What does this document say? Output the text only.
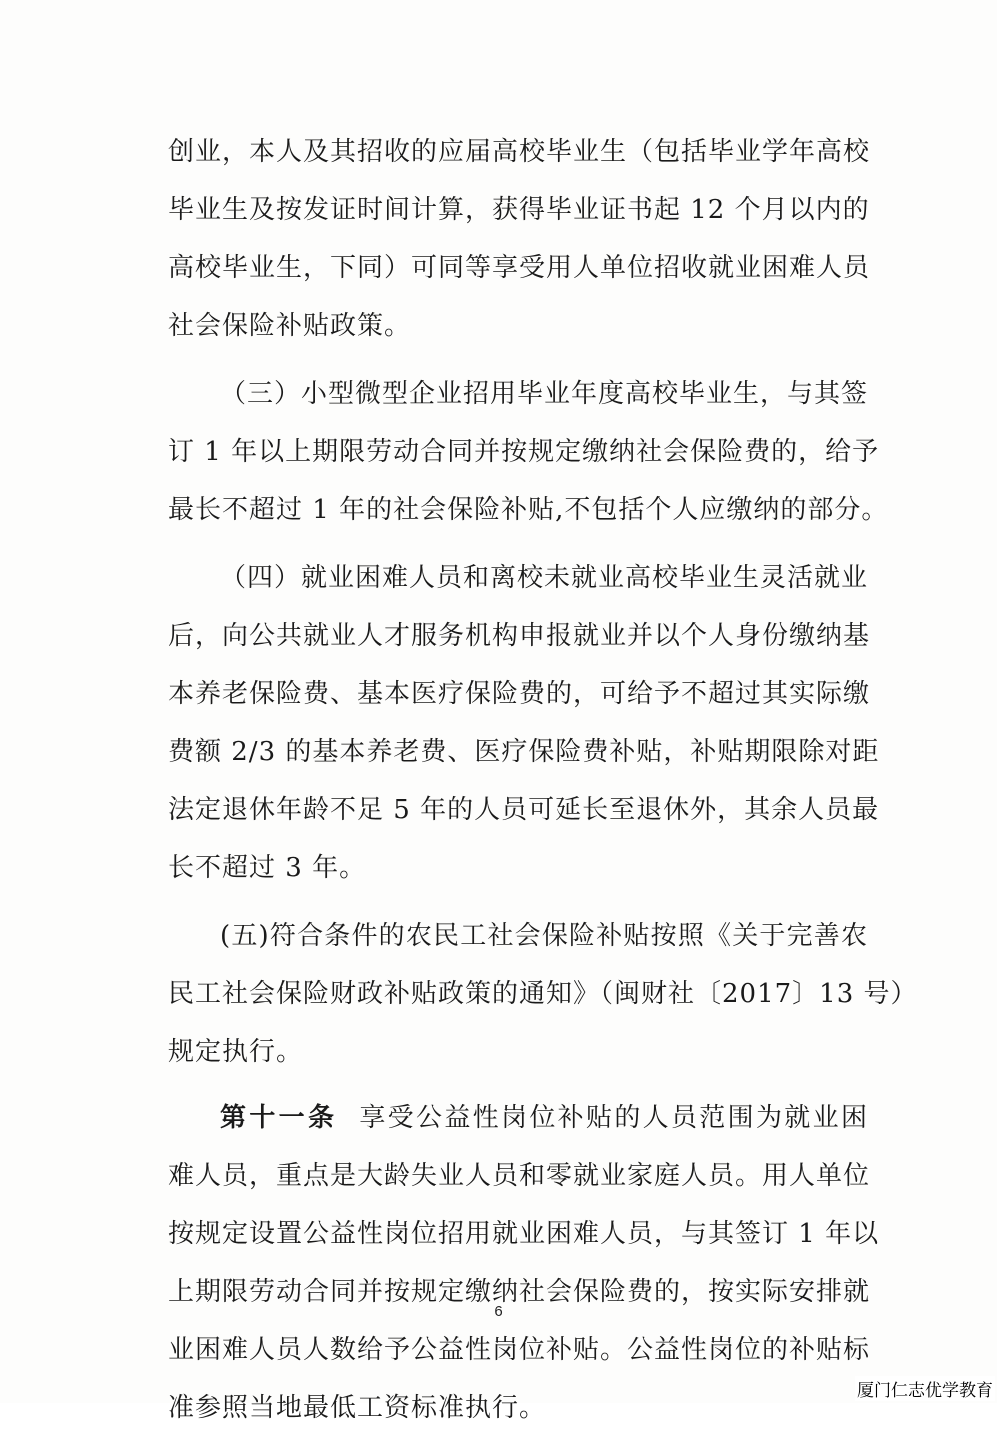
创业，本人及其招收的应届高校毕业生（包括毕业学年高校
毕业生及按发证时间计算，获得毕业证书起 12 个月以内的
高校毕业生，下同）可同等享受用人单位招收就业困难人员
社会保险补贴政策。

（三）小型微型企业招用毕业年度高校毕业生，与其签
订 1 年以上期限劳动合同并按规定缴纳社会保险费的，给予
最长不超过 1 年的社会保险补贴,不包括个人应缴纳的部分。

（四）就业困难人员和离校未就业高校毕业生灵活就业
后，向公共就业人才服务机构申报就业并以个人身份缴纳基
本养老保险费、基本医疗保险费的，可给予不超过其实际缴
费额 2/3 的基本养老费、医疗保险费补贴，补贴期限除对距
法定退休年龄不足 5 年的人员可延长至退休外，其余人员最
长不超过 3 年。

(五)符合条件的农民工社会保险补贴按照《关于完善农
民工社会保险财政补贴政策的通知》（闽财社〔2017〕13 号）
规定执行。

第十一条 享受公益性岗位补贴的人员范围为就业困
难人员，重点是大龄失业人员和零就业家庭人员。用人单位
按规定设置公益性岗位招用就业困难人员，与其签订 1 年以
上期限劳动合同并按规定缴纳社会保险费的，按实际安排就
业困难人员人数给予公益性岗位补贴。公益性岗位的补贴标
准参照当地最低工资标准执行。

6
厦门仁志优学教育
